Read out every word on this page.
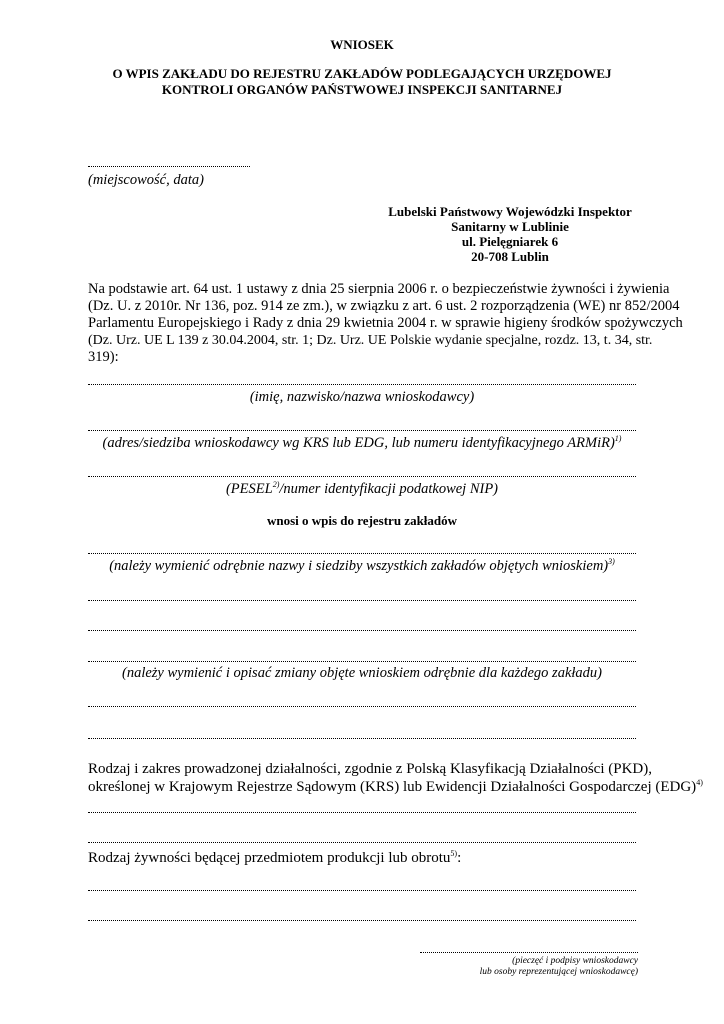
WNIOSEK
O WPIS ZAKŁADU DO REJESTRU ZAKŁADÓW PODLEGAJĄCYCH URZĘDOWEJ
KONTROLI ORGANÓW PAŃSTWOWEJ INSPEKCJI SANITARNEJ
(miejscowość, data)
Lubelski Państwowy Wojewódzki Inspektor
Sanitarny w Lublinie
ul. Pielęgniarek 6
20-708 Lublin
Na podstawie art. 64 ust. 1 ustawy z dnia 25 sierpnia 2006 r. o bezpieczeństwie żywności i żywienia
(Dz. U. z 2010r. Nr 136, poz. 914 ze zm.), w związku z art. 6 ust. 2 rozporządzenia (WE) nr 852/2004
Parlamentu Europejskiego i Rady z dnia 29 kwietnia 2004 r. w sprawie higieny środków spożywczych
(Dz. Urz. UE L 139 z 30.04.2004, str. 1; Dz. Urz. UE Polskie wydanie specjalne, rozdz. 13, t. 34, str.
319):
(imię, nazwisko/nazwa wnioskodawcy)
(adres/siedziba wnioskodawcy wg KRS lub EDG, lub numeru identyfikacyjnego ARMiR)$^{1)}$
(PESEL$^{2)}$/numer identyfikacji podatkowej NIP)
wnosi o wpis do rejestru zakładów
(należy wymienić odrębnie nazwy i siedziby wszystkich zakładów objętych wnioskiem)$^{3)}$
(należy wymienić i opisać zmiany objęte wnioskiem odrębnie dla każdego zakładu)
Rodzaj i zakres prowadzonej działalności, zgodnie z Polską Klasyfikacją Działalności (PKD),
określonej w Krajowym Rejestrze Sądowym (KRS) lub Ewidencji Działalności Gospodarczej (EDG)$^{4)}$
Rodzaj żywności będącej przedmiotem produkcji lub obrotu$^{5)}$:
(pieczęć i podpisy wnioskodawcy
lub osoby reprezentującej wnioskodawcę)
